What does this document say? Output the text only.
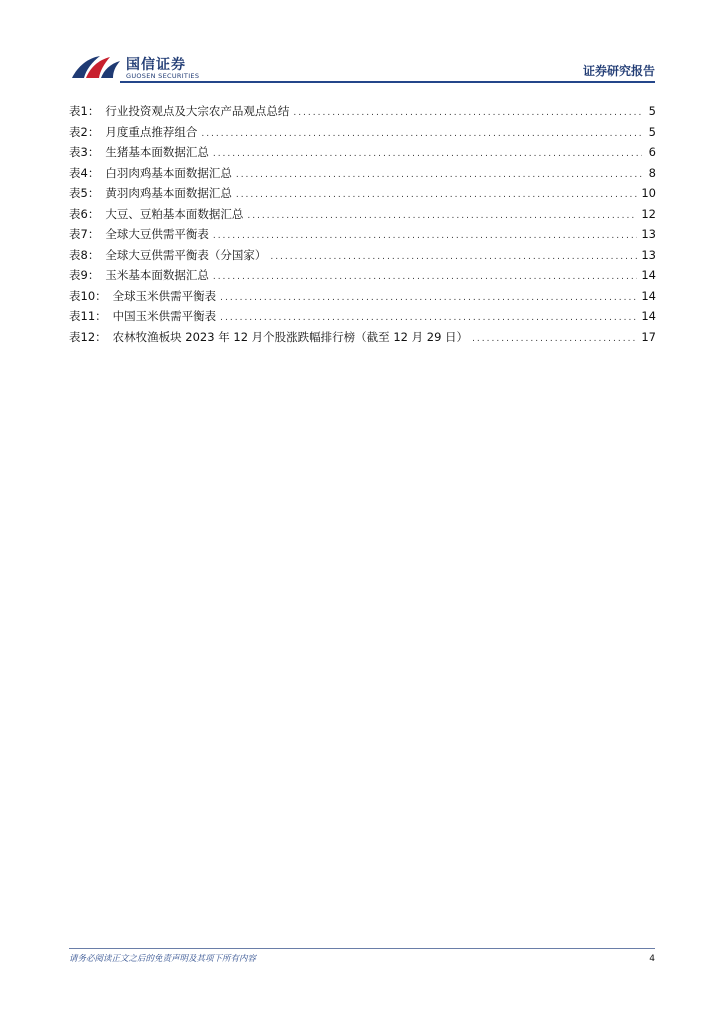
国信证券
GUOSEN SECURITIES	证券研究报告
表1： 行业投资观点及大宗农产品观点总结 .....	5
表2： 月度重点推荐组合 .....	5
表3： 生猪基本面数据汇总 .....	6
表4： 白羽肉鸡基本面数据汇总 .....	8
表5： 黄羽肉鸡基本面数据汇总 .....	10
表6： 大豆、豆粕基本面数据汇总 .....	12
表7： 全球大豆供需平衡表 .....	13
表8： 全球大豆供需平衡表（分国家） .....	13
表9： 玉米基本面数据汇总 .....	14
表10： 全球玉米供需平衡表 .....	14
表11： 中国玉米供需平衡表 .....	14
表12： 农林牧渔板块 2023 年 12 月个股涨跌幅排行榜（截至 12 月 29 日） .....	17
请务必阅读正文之后的免责声明及其项下所有内容	4
